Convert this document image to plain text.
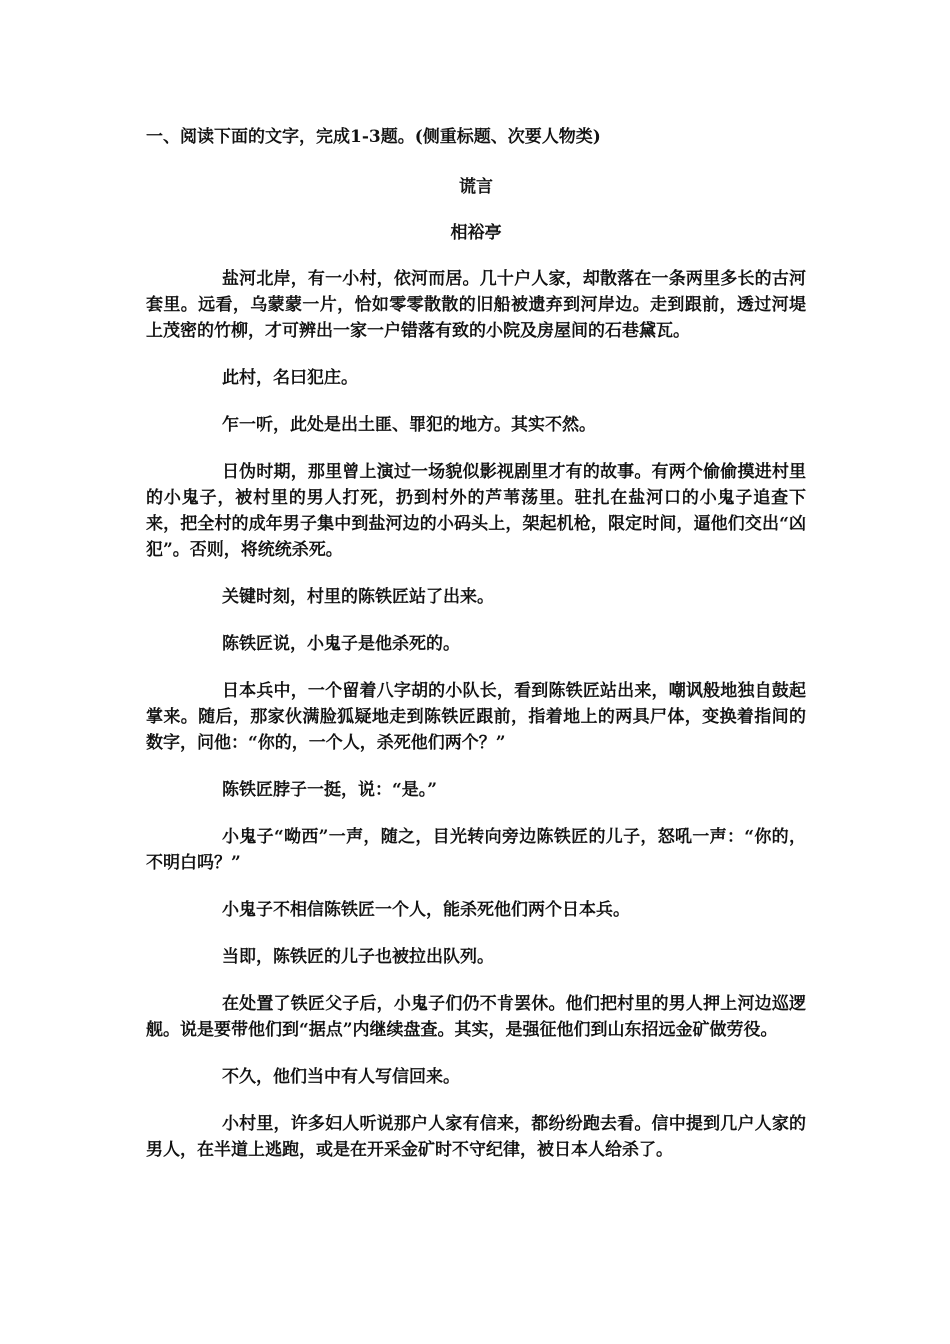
一、阅读下面的文字，完成1-3题。(侧重标题、次要人物类)

谎言

相裕亭

盐河北岸，有一小村，依河而居。几十户人家，却散落在一条两里多长的古河套里。远看，乌蒙蒙一片，恰如零零散散的旧船被遗弃到河岸边。走到跟前，透过河堤上茂密的竹柳，才可辨出一家一户错落有致的小院及房屋间的石巷黛瓦。

此村，名曰犯庄。

乍一听，此处是出土匪、罪犯的地方。其实不然。

日伪时期，那里曾上演过一场貌似影视剧里才有的故事。有两个偷偷摸进村里的小鬼子，被村里的男人打死，扔到村外的芦苇荡里。驻扎在盐河口的小鬼子追查下来，把全村的成年男子集中到盐河边的小码头上，架起机枪，限定时间，逼他们交出“凶犯”。否则，将统统杀死。

关键时刻，村里的陈铁匠站了出来。

陈铁匠说，小鬼子是他杀死的。

日本兵中，一个留着八字胡的小队长，看到陈铁匠站出来，嘲讽般地独自鼓起掌来。随后，那家伙满脸狐疑地走到陈铁匠跟前，指着地上的两具尸体，变换着指间的数字，问他：“你的，一个人，杀死他们两个？”

陈铁匠脖子一挺，说：“是。”

小鬼子“呦西”一声，随之，目光转向旁边陈铁匠的儿子，怒吼一声：“你的，不明白吗？”

小鬼子不相信陈铁匠一个人，能杀死他们两个日本兵。

当即，陈铁匠的儿子也被拉出队列。

在处置了铁匠父子后，小鬼子们仍不肯罢休。他们把村里的男人押上河边巡逻舰。说是要带他们到“据点”内继续盘查。其实，是强征他们到山东招远金矿做劳役。

不久，他们当中有人写信回来。

小村里，许多妇人听说那户人家有信来，都纷纷跑去看。信中提到几户人家的男人，在半道上逃跑，或是在开采金矿时不守纪律，被日本人给杀了。
